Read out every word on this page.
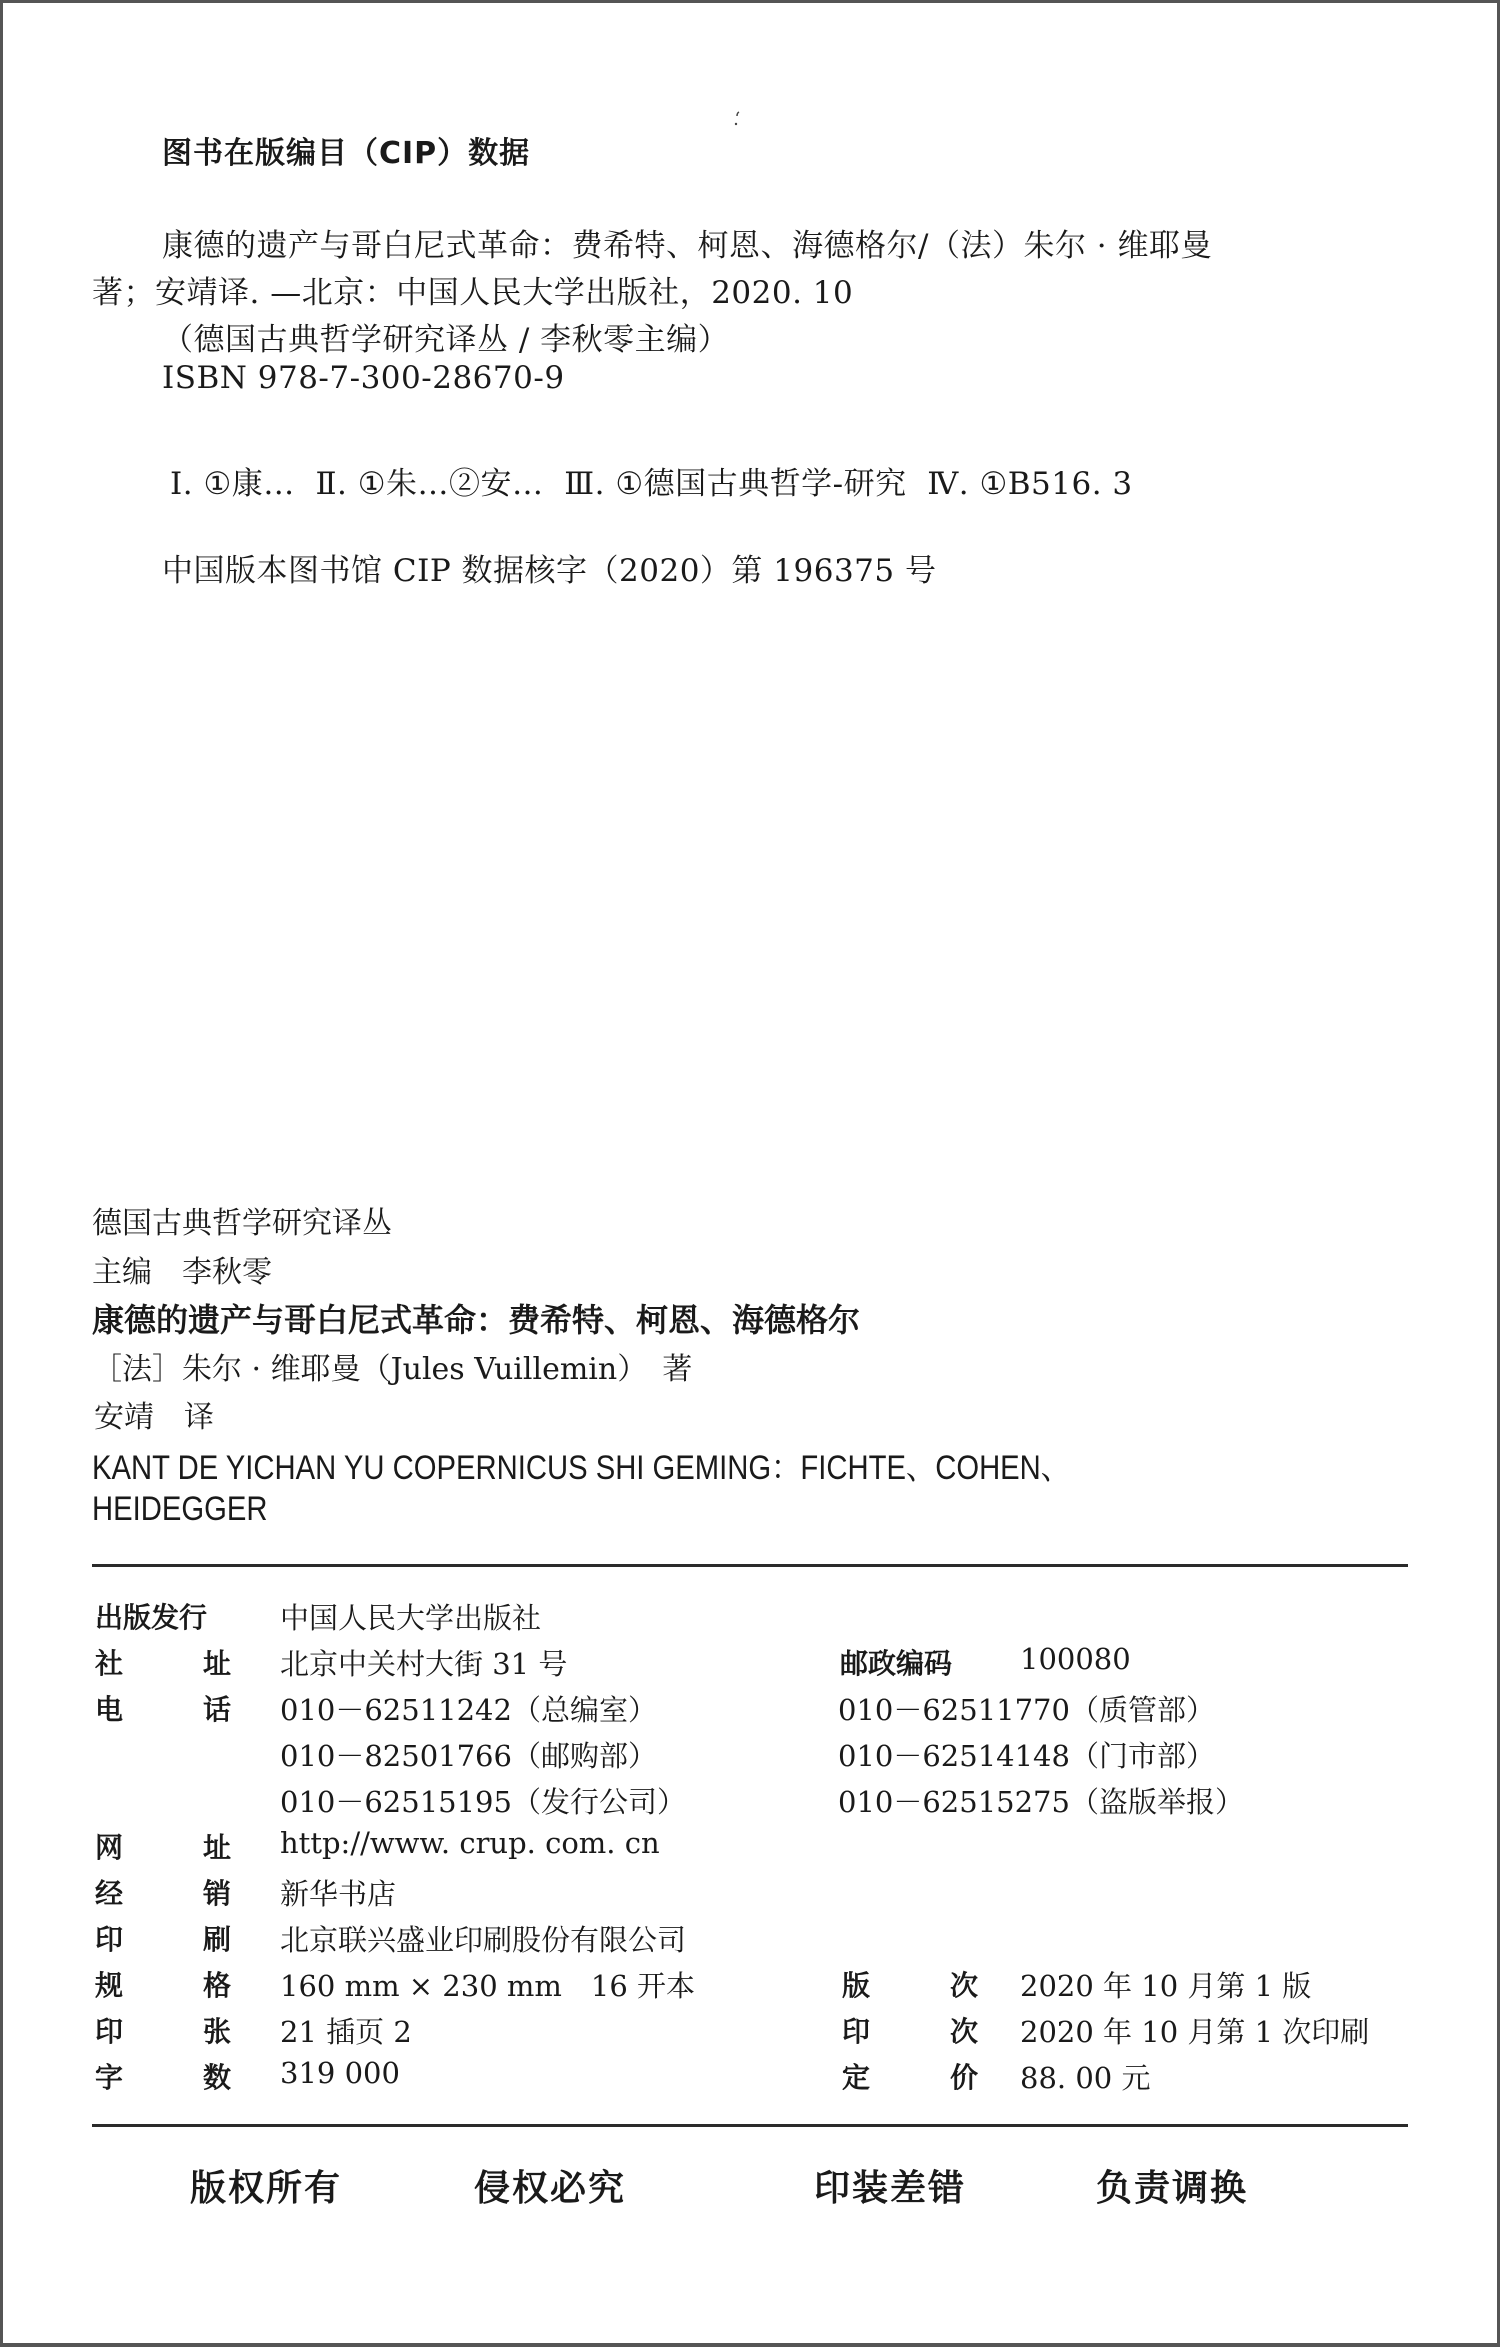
图书在版编目（CIP）数据
康德的遗产与哥白尼式革命：费希特、柯恩、海德格尔/（法）朱尔 · 维耶曼
著；安靖译. —北京：中国人民大学出版社，2020. 10
（德国古典哲学研究译丛 / 李秋零主编）
ISBN 978-7-300-28670-9
Ⅰ. ①康…  Ⅱ. ①朱…②安…  Ⅲ. ①德国古典哲学-研究  Ⅳ. ①B516. 3
中国版本图书馆 CIP 数据核字（2020）第 196375 号
德国古典哲学研究译丛
主编　李秋零
康德的遗产与哥白尼式革命：费希特、柯恩、海德格尔
［法］朱尔 · 维耶曼（Jules Vuillemin）　著
安靖　译
KANT DE YICHAN YU COPERNICUS SHI GEMING：FICHTE、COHEN、
HEIDEGGER
出版发行	中国人民大学出版社
社	址 北京中关村大街 31 号	邮政编码 100080
电	话 010－62511242（总编室）	010－62511770（质管部）
010－82501766（邮购部）	010－62514148（门市部）
010－62515195（发行公司）	010－62515275（盗版举报）
网	址 http://www. crup. com. cn
经	销 新华书店
印	刷 北京联兴盛业印刷股份有限公司
规	格 160 mm × 230 mm　16 开本	版	次 2020 年 10 月第 1 版
印	张 21 插页 2	印	次 2020 年 10 月第 1 次印刷
字	数 319 000	定	价 88. 00 元
版权所有	侵权必究	印装差错	负责调换
